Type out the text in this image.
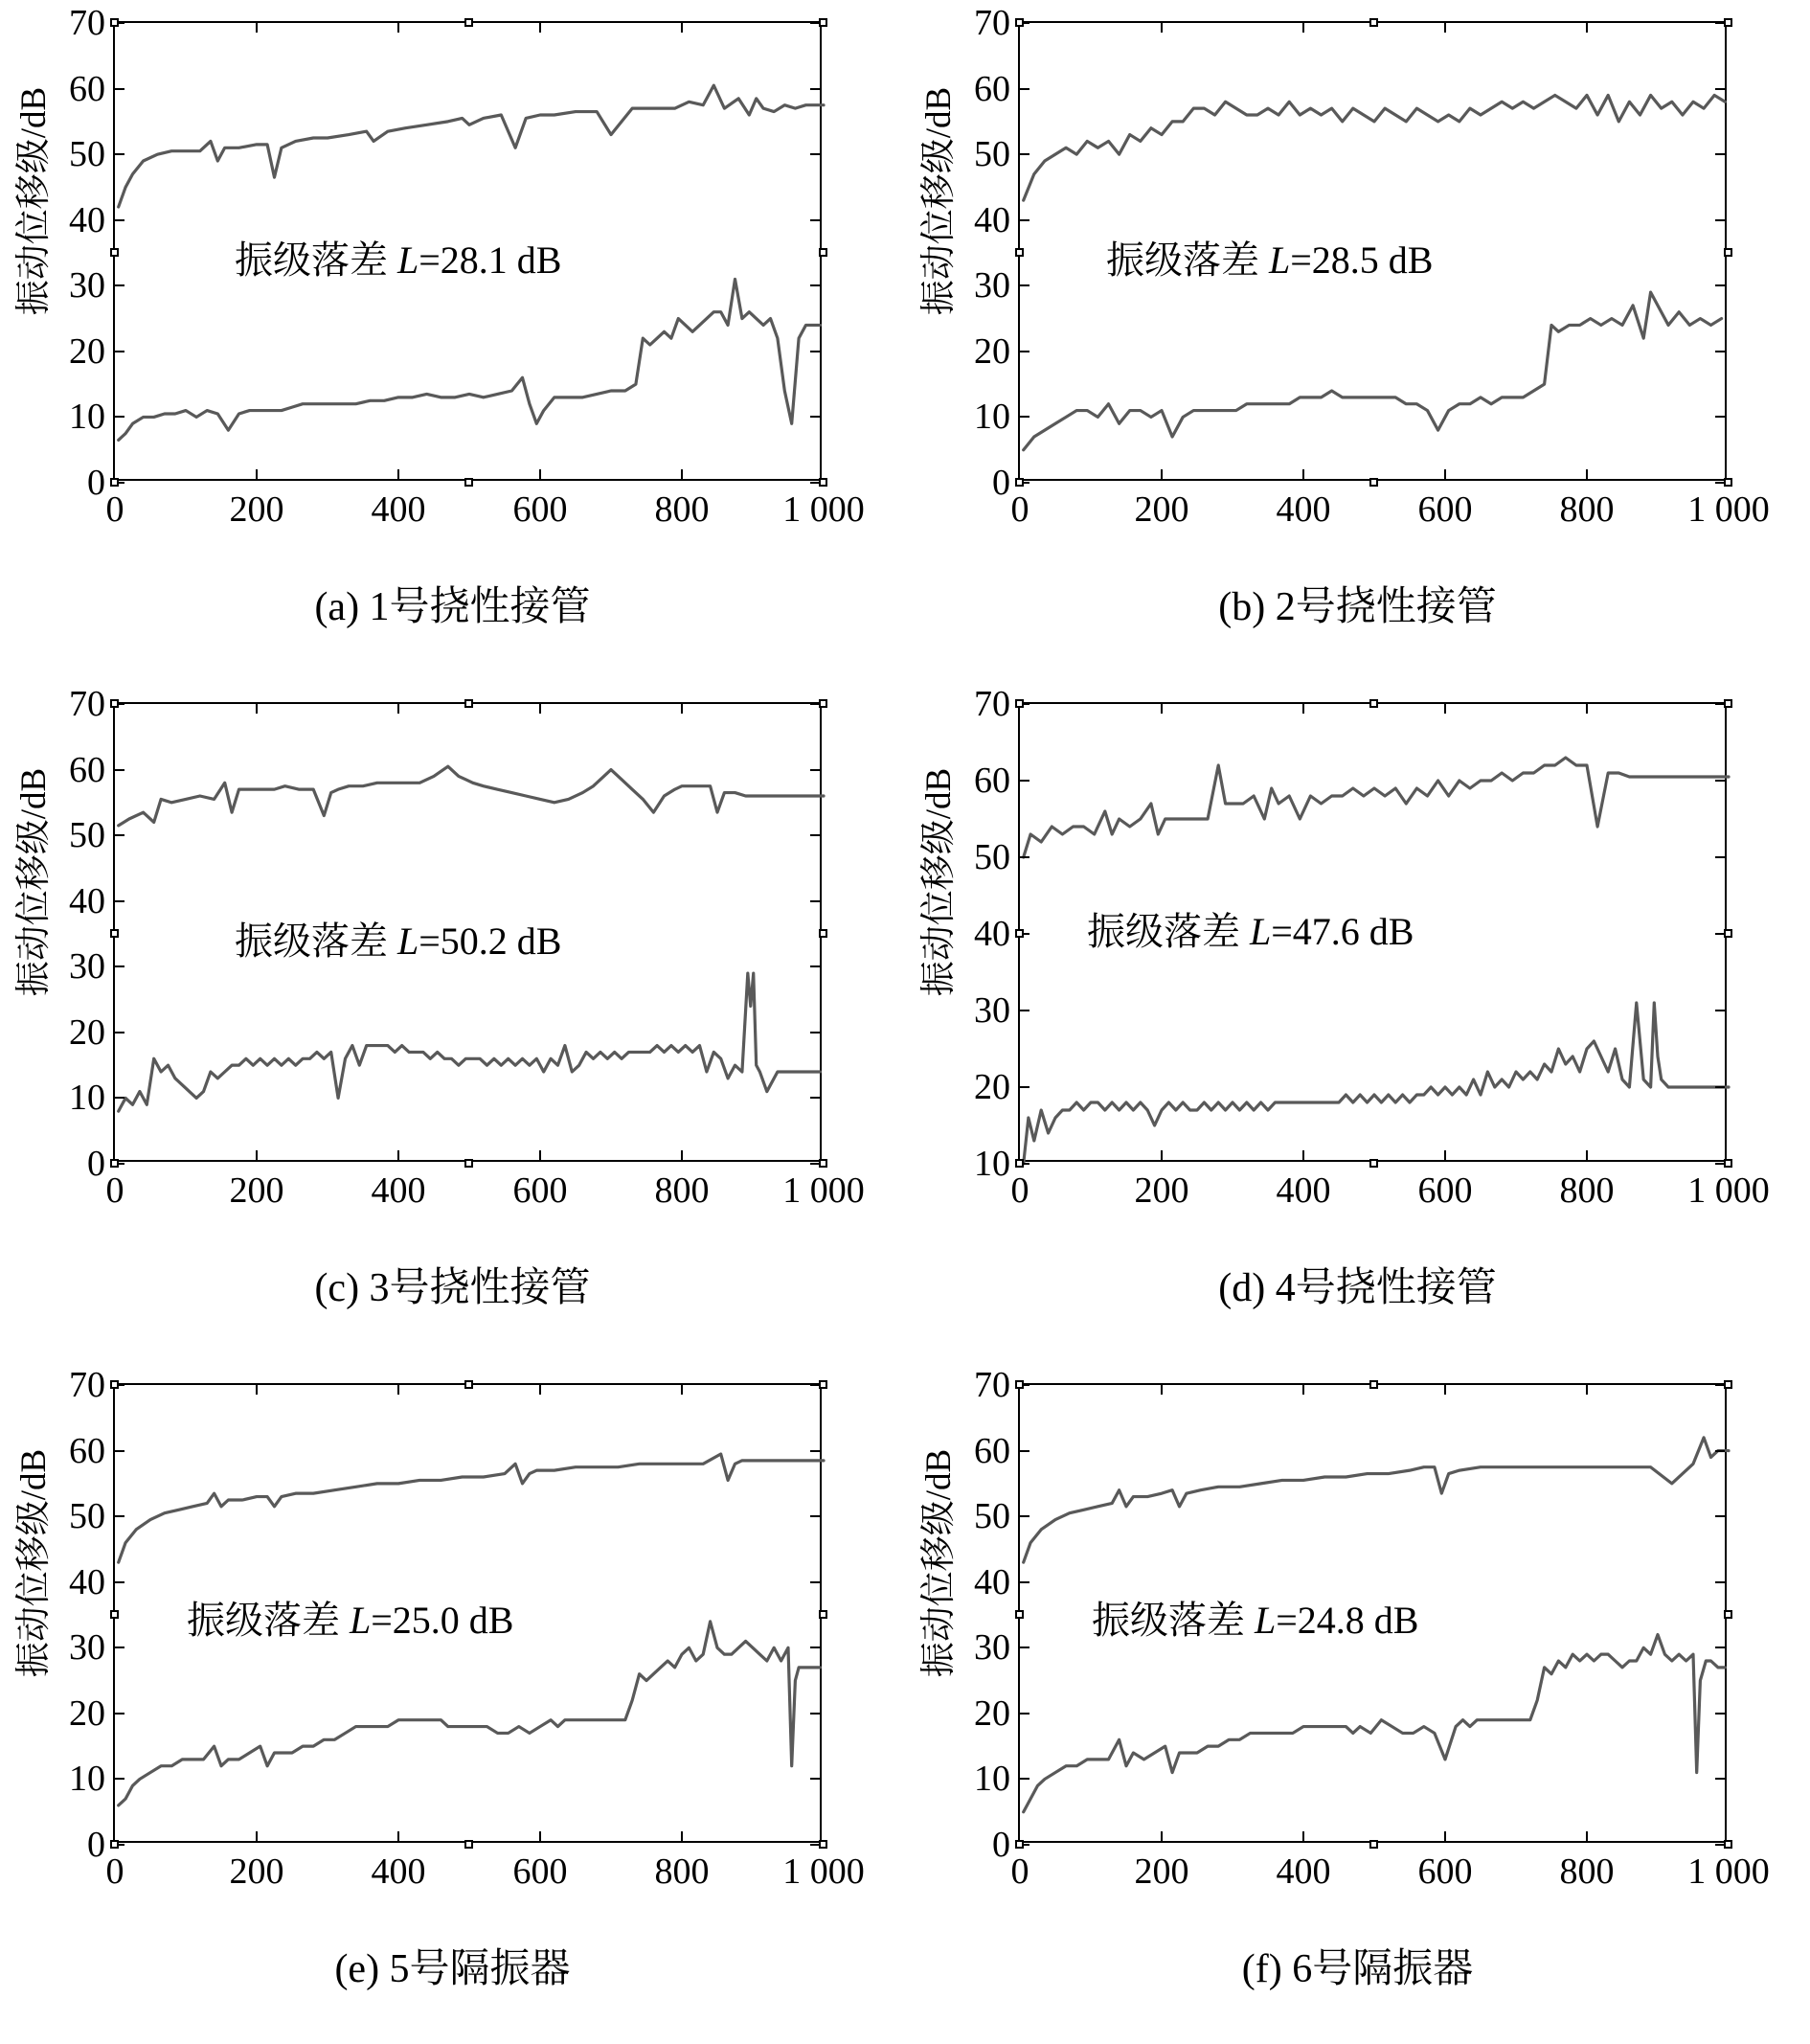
振动位移级/dB
0
10
20
30
40
50
60
70
0	200 400 600 800 1 000
振级落差 L=28.1 dB
(a) 1号挠性接管
振动位移级/dB
0
10
20
30
40
50
60
70
0	200 400 600 800 1 000
振级落差 L=28.5 dB
(b) 2号挠性接管
振动位移级/dB
0
10
20
30
40
50
60
70
0	200 400 600 800 1 000
振级落差 L=50.2 dB
(c) 3号挠性接管
振动位移级/dB
10
20
30
40
50
60
70
0	200 400 600 800 1 000
振级落差 L=47.6 dB
(d) 4号挠性接管
振动位移级/dB
0
10
20
30
40
50
60
70
0	200 400 600 800 1 000
振级落差 L=25.0 dB
(e) 5号隔振器
振动位移级/dB
0
10
20
30
40
50
60
70
0	200 400 600 800 1 000
振级落差 L=24.8 dB
(f) 6号隔振器
